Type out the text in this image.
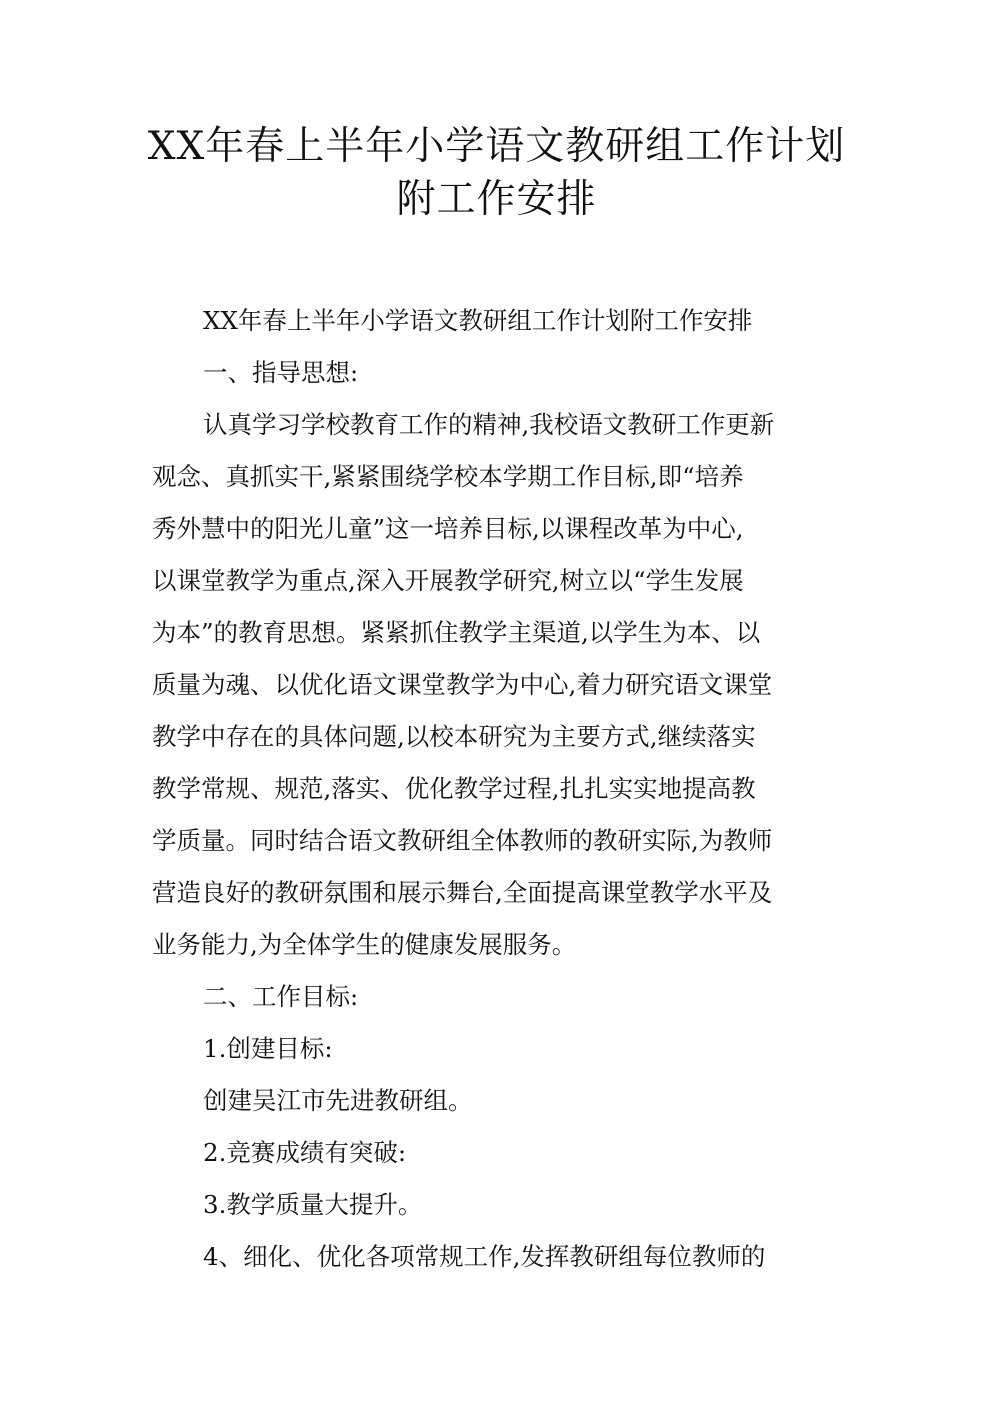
XX年春上半年小学语文教研组工作计划
附工作安排

XX年春上半年小学语文教研组工作计划附工作安排

一、指导思想:

认真学习学校教育工作的精神,我校语文教研工作更新

观念、真抓实干,紧紧围绕学校本学期工作目标,即“培养

秀外慧中的阳光儿童”这一培养目标,以课程改革为中心,

以课堂教学为重点,深入开展教学研究,树立以“学生发展

为本”的教育思想。紧紧抓住教学主渠道,以学生为本、以

质量为魂、以优化语文课堂教学为中心,着力研究语文课堂

教学中存在的具体问题,以校本研究为主要方式,继续落实

教学常规、规范,落实、优化教学过程,扎扎实实地提高教

学质量。同时结合语文教研组全体教师的教研实际,为教师

营造良好的教研氛围和展示舞台,全面提高课堂教学水平及

业务能力,为全体学生的健康发展服务。

二、工作目标:

1.创建目标:

创建吴江市先进教研组。

2.竞赛成绩有突破:

3.教学质量大提升。

4、细化、优化各项常规工作,发挥教研组每位教师的
